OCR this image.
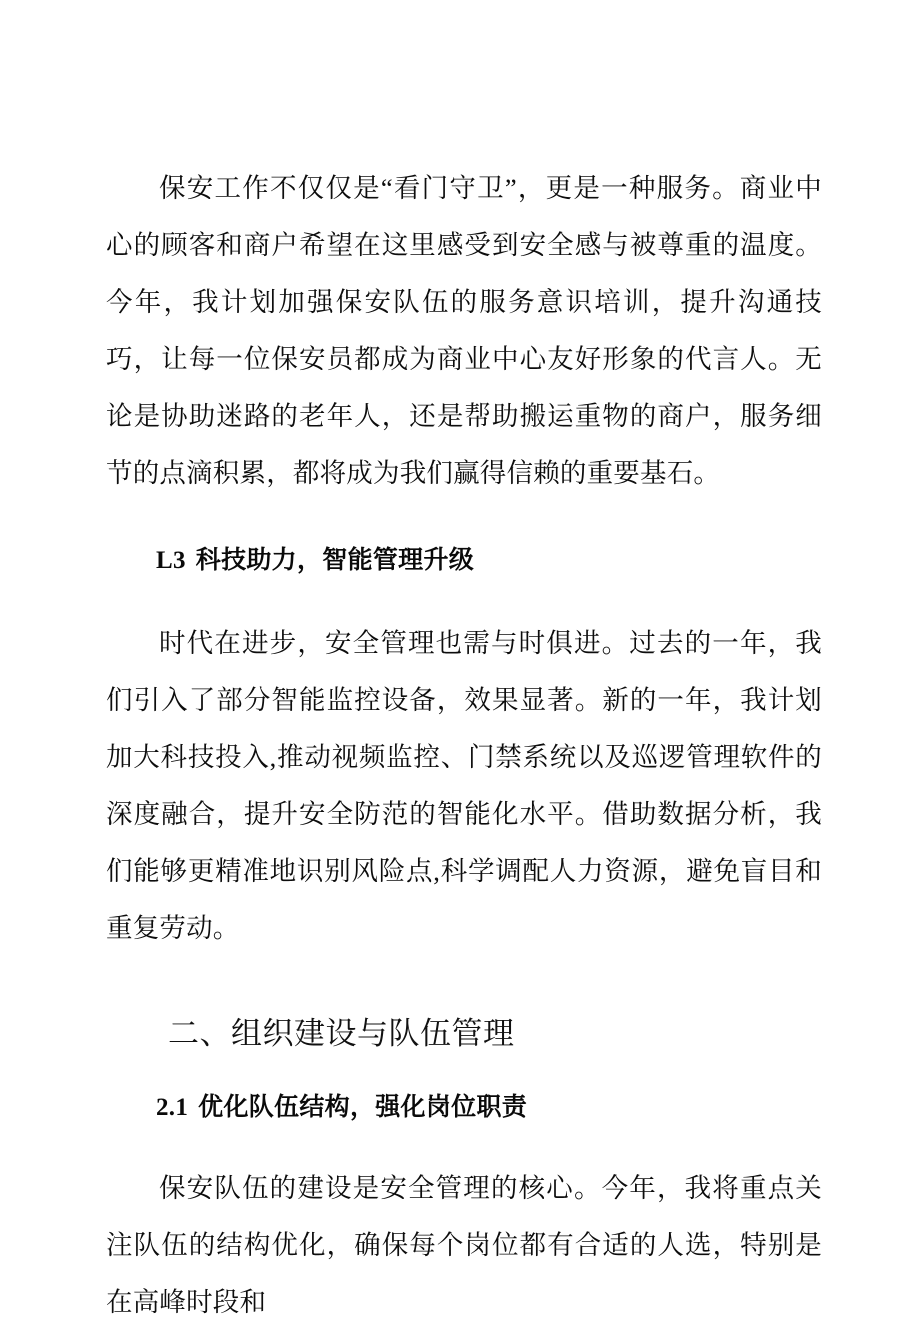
保安工作不仅仅是“看门守卫”，更是一种服务。商业中心的顾客和商户希望在这里感受到安全感与被尊重的温度。今年，我计划加强保安队伍的服务意识培训，提升沟通技巧，让每一位保安员都成为商业中心友好形象的代言人。无论是协助迷路的老年人，还是帮助搬运重物的商户，服务细节的点滴积累，都将成为我们赢得信赖的重要基石。

L3 科技助力，智能管理升级

时代在进步，安全管理也需与时俱进。过去的一年，我们引入了部分智能监控设备，效果显著。新的一年，我计划加大科技投入,推动视频监控、门禁系统以及巡逻管理软件的深度融合，提升安全防范的智能化水平。借助数据分析，我们能够更精准地识别风险点,科学调配人力资源，避免盲目和重复劳动。

二、组织建设与队伍管理
2.1 优化队伍结构，强化岗位职责

保安队伍的建设是安全管理的核心。今年，我将重点关注队伍的结构优化，确保每个岗位都有合适的人选，特别是在高峰时段和
